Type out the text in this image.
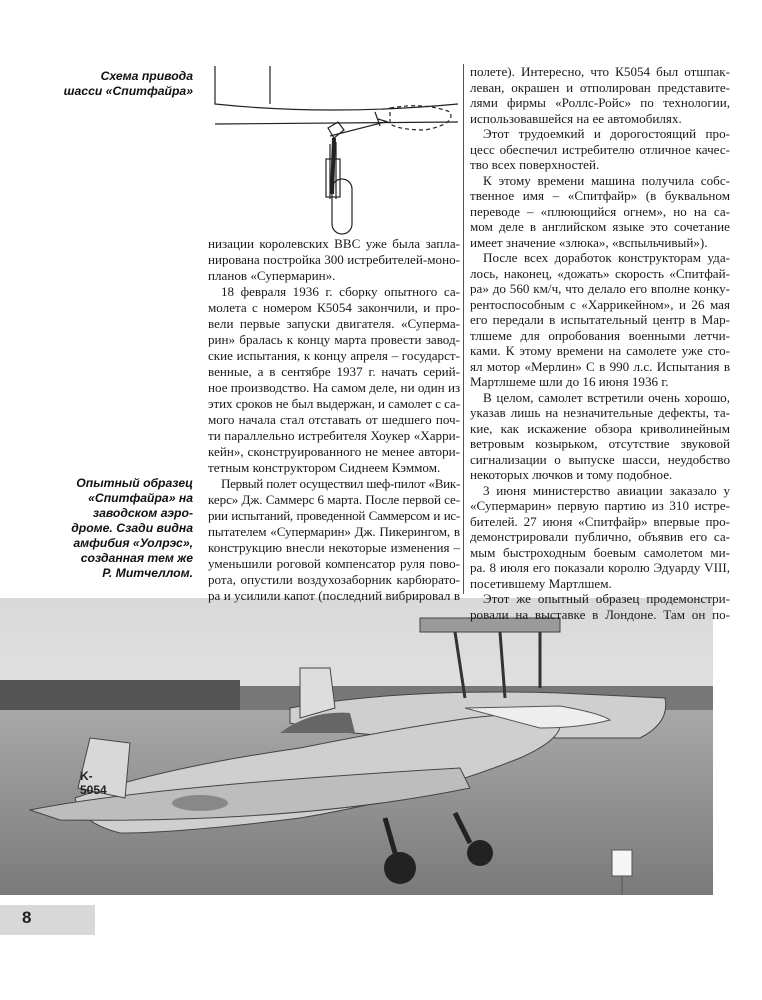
Схема привода
шасси «Спитфайра»
низации королевских ВВС уже была запла-
нирована постройка 300 истребителей-моно-
планов «Супермарин».
18 февраля 1936 г. сборку опытного са-
молета с номером К5054 закончили, и про-
вели первые запуски двигателя. «Суперма-
рин» бралась к концу марта провести завод-
ские испытания, к концу апреля – государст-
венные, а в сентябре 1937 г. начать серий-
ное производство. На самом деле, ни один из
этих сроков не был выдержан, и самолет с са-
мого начала стал отставать от шедшего поч-
ти параллельно истребителя Хоукер «Харри-
кейн», сконструированного не менее автори-
тетным конструктором Сиднеем Кэммом.
Первый полет осуществил шеф-пилот «Вик-
керс» Дж. Саммерс 6 марта. После первой се-
рии испытаний, проведенной Саммерсом и ис-
пытателем «Супермарин» Дж. Пикерингом, в
конструкцию внесли некоторые изменения –
уменьшили роговой компенсатор руля пово-
рота, опустили воздухозаборник карбюрато-
ра и усилили капот (последний вибрировал в
полете). Интересно, что К5054 был отшпак-
леван, окрашен и отполирован представите-
лями фирмы «Роллс-Ройс» по технологии,
использовавшейся на ее автомобилях.
Этот трудоемкий и дорогостоящий про-
цесс обеспечил истребителю отличное качес-
тво всех поверхностей.
К этому времени машина получила собс-
твенное имя – «Спитфайр» (в буквальном
переводе – «плюющийся огнем», но на са-
мом деле в английском языке это сочетание
имеет значение «злюка», «вспыльчивый»).
После всех доработок конструкторам уда-
лось, наконец, «дожать» скорость «Спитфай-
ра» до 560 км/ч, что делало его вполне конку-
рентоспособным с «Харрикейном», и 26 мая
его передали в испытательный центр в Мар-
тлшеме для опробования военными летчи-
ками. К этому времени на самолете уже сто-
ял мотор «Мерлин» С в 990 л.с. Испытания в
Мартлшеме шли до 16 июня 1936 г.
В целом, самолет встретили очень хорошо,
указав лишь на незначительные дефекты, та-
кие, как искажение обзора криволинейным
ветровым козырьком, отсутствие звуковой
сигнализации о выпуске шасси, неудобство
некоторых лючков и тому подобное.
3 июня министерство авиации заказало у
«Супермарин» первую партию из 310 истре-
бителей. 27 июня «Спитфайр» впервые про-
демонстрировали публично, объявив его са-
мым быстроходным боевым самолетом ми-
ра. 8 июля его показали королю Эдуарду VIII,
посетившему Мартлшем.
Этот же опытный образец продемонстри-
ровали на выставке в Лондоне. Там он по-
Опытный образец
«Спитфайра» на
заводском аэро-
дроме. Сзади видна
амфибия «Уолрэс»,
созданная тем же
Р. Митчеллом.
K-
5054
8
